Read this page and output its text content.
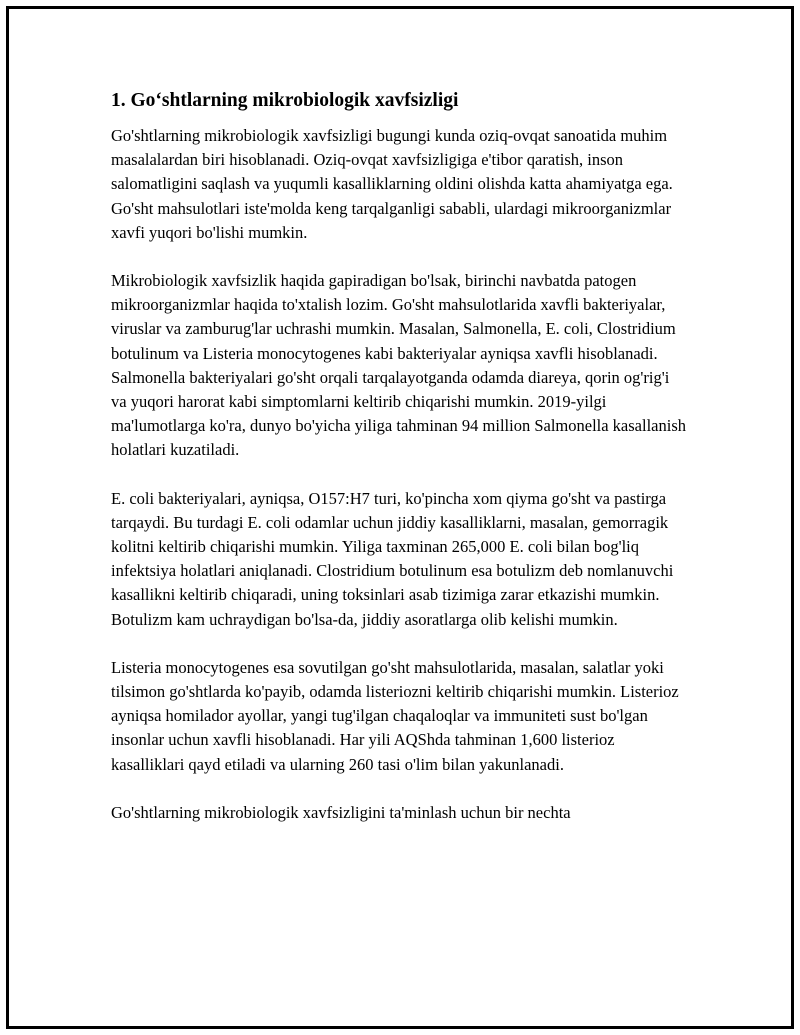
1. Go‘shtlarning mikrobiologik xavfsizligi

Go'shtlarning mikrobiologik xavfsizligi bugungi kunda oziq-ovqat sanoatida muhim masalalardan biri hisoblanadi. Oziq-ovqat xavfsizligiga e'tibor qaratish, inson salomatligini saqlash va yuqumli kasalliklarning oldini olishda katta ahamiyatga ega. Go'sht mahsulotlari iste'molda keng tarqalganligi sababli, ulardagi mikroorganizmlar xavfi yuqori bo'lishi mumkin.

Mikrobiologik xavfsizlik haqida gapiradigan bo'lsak, birinchi navbatda patogen mikroorganizmlar haqida to'xtalish lozim. Go'sht mahsulotlarida xavfli bakteriyalar, viruslar va zamburug'lar uchrashi mumkin. Masalan, Salmonella, E. coli, Clostridium botulinum va Listeria monocytogenes kabi bakteriyalar ayniqsa xavfli hisoblanadi. Salmonella bakteriyalari go'sht orqali tarqalayotganda odamda diareya, qorin og'rig'i va yuqori harorat kabi simptomlarni keltirib chiqarishi mumkin. 2019-yilgi ma'lumotlarga ko'ra, dunyo bo'yicha yiliga tahminan 94 million Salmonella kasallanish holatlari kuzatiladi.

E. coli bakteriyalari, ayniqsa, O157:H7 turi, ko'pincha xom qiyma go'sht va pastirga tarqaydi. Bu turdagi E. coli odamlar uchun jiddiy kasalliklarni, masalan, gemorragik kolitni keltirib chiqarishi mumkin. Yiliga taxminan 265,000 E. coli bilan bog'liq infektsiya holatlari aniqlanadi. Clostridium botulinum esa botulizm deb nomlanuvchi kasallikni keltirib chiqaradi, uning toksinlari asab tizimiga zarar etkazishi mumkin. Botulizm kam uchraydigan bo'lsa-da, jiddiy asoratlarga olib kelishi mumkin.

Listeria monocytogenes esa sovutilgan go'sht mahsulotlarida, masalan, salatlar yoki tilsimon go'shtlarda ko'payib, odamda listeriozni keltirib chiqarishi mumkin. Listerioz ayniqsa homilador ayollar, yangi tug'ilgan chaqaloqlar va immuniteti sust bo'lgan insonlar uchun xavfli hisoblanadi. Har yili AQShda tahminan 1,600 listerioz kasalliklari qayd etiladi va ularning 260 tasi o'lim bilan yakunlanadi.

Go'shtlarning mikrobiologik xavfsizligini ta'minlash uchun bir nechta
